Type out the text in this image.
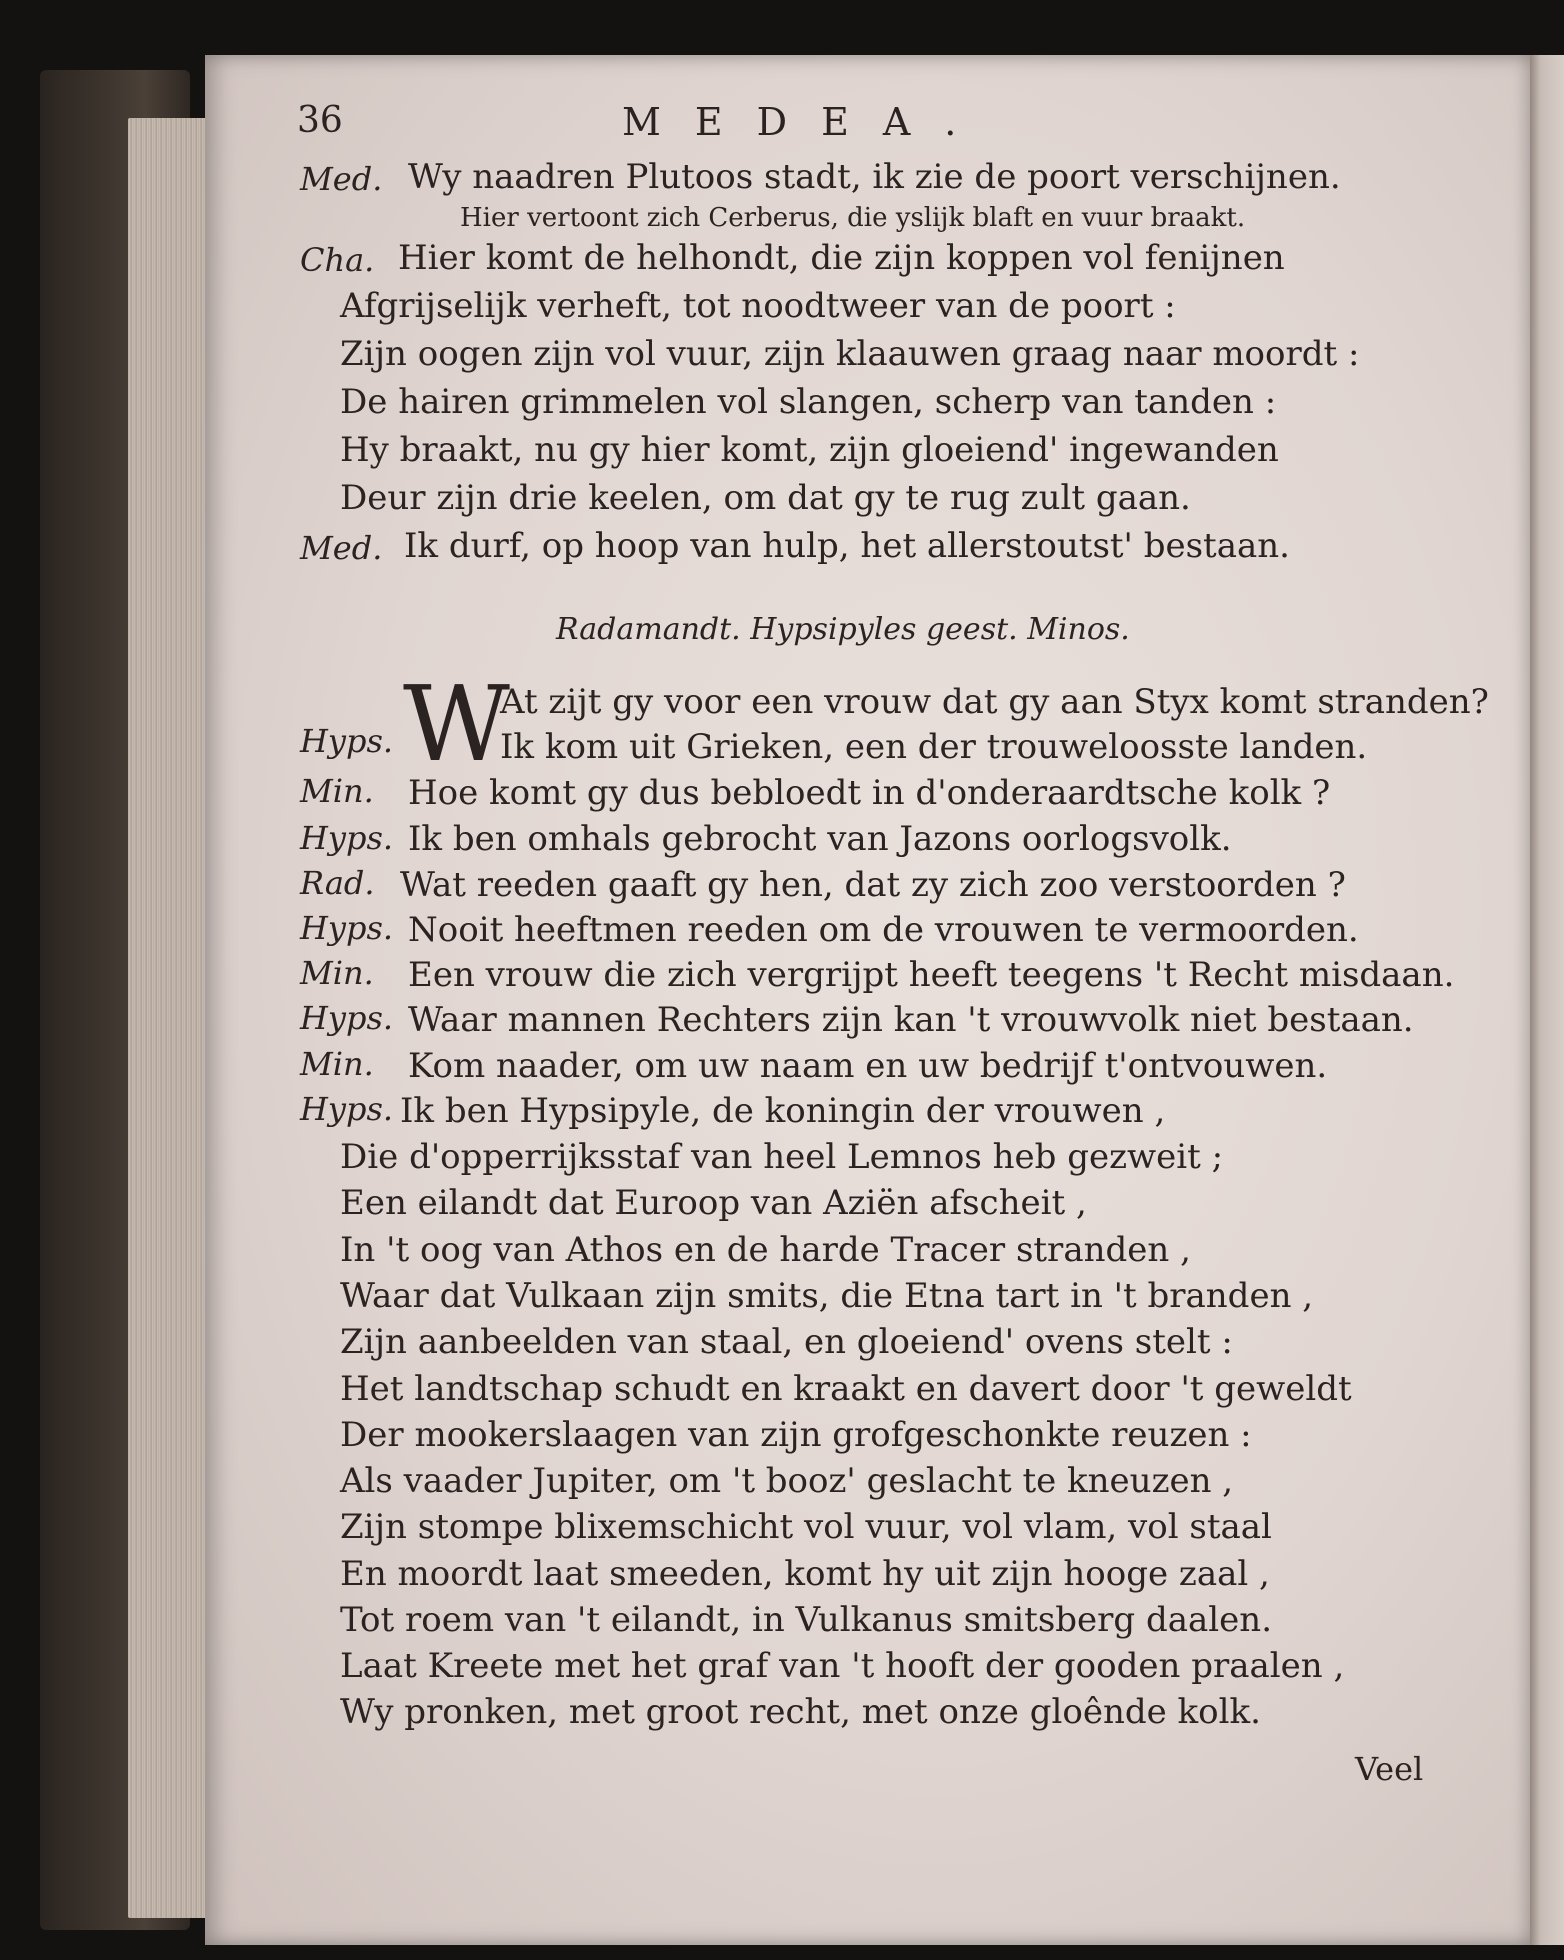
36	MEDEA.
Med. Wy naadren Plutoos stadt, ik zie de poort verschijnen.
Hier vertoont zich Cerberus, die yslijk blaft en vuur braakt.
Cha. Hier komt de helhondt, die zijn koppen vol fenijnen
Afgrijselijk verheft, tot noodtweer van de poort :
Zijn oogen zijn vol vuur, zijn klaauwen graag naar moordt :
De hairen grimmelen vol slangen, scherp van tanden :
Hy braakt, nu gy hier komt, zijn gloeiend' ingewanden
Deur zijn drie keelen, om dat gy te rug zult gaan.
Med. Ik durf, op hoop van hulp, het allerstoutst' bestaan.
Radamandt. Hypsipyles geest. Minos.
W
At zijt gy voor een vrouw dat gy aan Styx komt stranden?
Hyps.	Ik kom uit Grieken, een der trouweloosste landen.
Min. Hoe komt gy dus bebloedt in d'onderaardtsche kolk ?
Hyps. Ik ben omhals gebrocht van Jazons oorlogsvolk.
Rad. Wat reeden gaaft gy hen, dat zy zich zoo verstoorden ?
Hyps. Nooit heeftmen reeden om de vrouwen te vermoorden.
Min. Een vrouw die zich vergrijpt heeft teegens 't Recht misdaan.
Hyps. Waar mannen Rechters zijn kan 't vrouwvolk niet bestaan.
Min. Kom naader, om uw naam en uw bedrijf t'ontvouwen.
Hyps. Ik ben Hypsipyle, de koningin der vrouwen ,
Die d'opperrijksstaf van heel Lemnos heb gezweit ;
Een eilandt dat Euroop van Aziën afscheit ,
In 't oog van Athos en de harde Tracer stranden ,
Waar dat Vulkaan zijn smits, die Etna tart in 't branden ,
Zijn aanbeelden van staal, en gloeiend' ovens stelt :
Het landtschap schudt en kraakt en davert door 't geweldt
Der mookerslaagen van zijn grofgeschonkte reuzen :
Als vaader Jupiter, om 't booz' geslacht te kneuzen ,
Zijn stompe blixemschicht vol vuur, vol vlam, vol staal
En moordt laat smeeden, komt hy uit zijn hooge zaal ,
Tot roem van 't eilandt, in Vulkanus smitsberg daalen.
Laat Kreete met het graf van 't hooft der gooden praalen ,
Wy pronken, met groot recht, met onze gloênde kolk.
Veel
